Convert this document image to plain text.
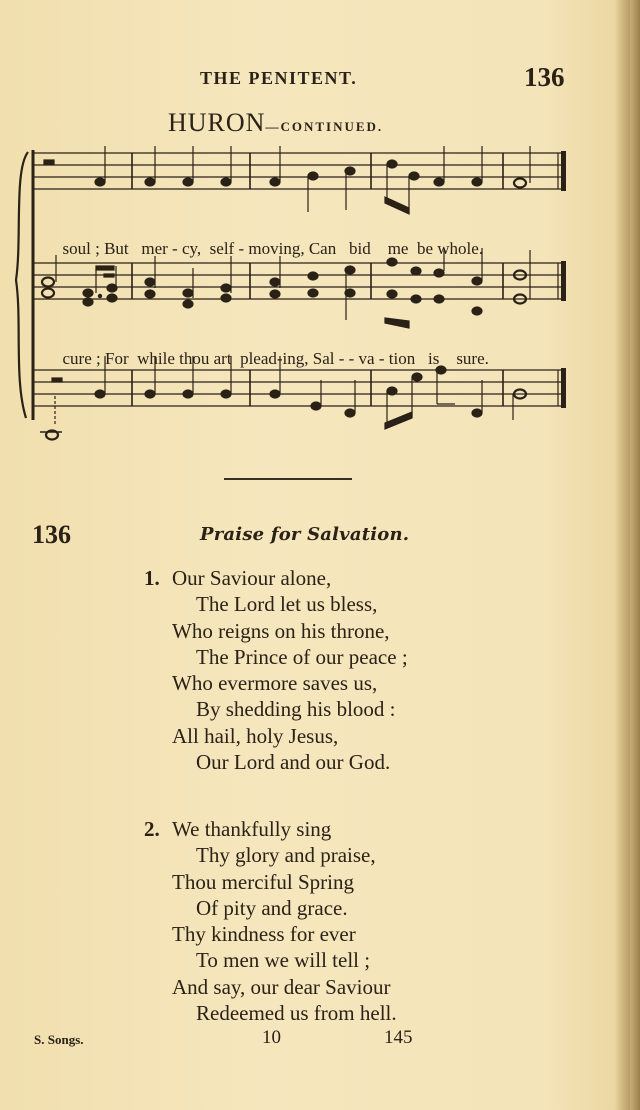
THE PENITENT.	136
HURON—CONTINUED.

soul ; But mer - cy, self - moving, Can bid me be whole.

cure ; For while thou art plead-ing, Sal - - va - tion is sure.

136	Praise for Salvation.
1. Our Saviour alone,
The Lord let us bless,
Who reigns on his throne,
The Prince of our peace ;
Who evermore saves us,
By shedding his blood :
All hail, holy Jesus,
Our Lord and our God.
2. We thankfully sing
Thy glory and praise,
Thou merciful Spring
Of pity and grace.
Thy kindness for ever
To men we will tell ;
And say, our dear Saviour
Redeemed us from hell.
S. Songs.	10	145
